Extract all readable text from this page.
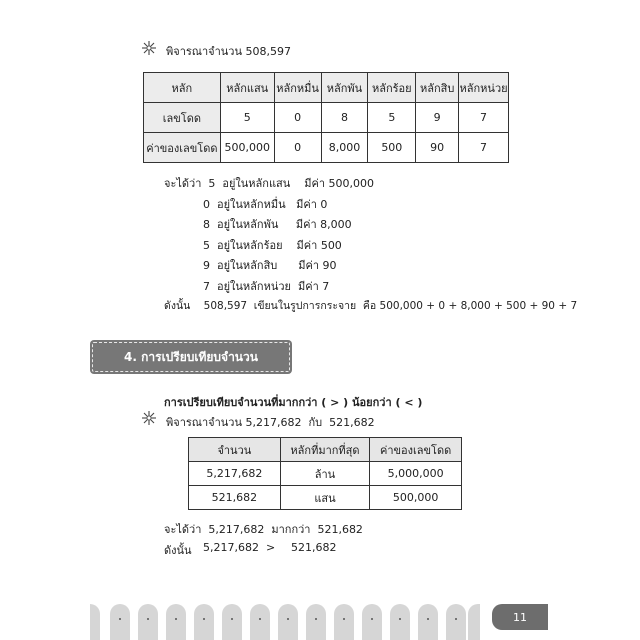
พิจารณาจำนวน 508,597
หลัก	หลักแสน	หลักหมื่น	หลักพัน	หลักร้อย	หลักสิบ	หลักหน่วย
เลขโดด	5	0	8	5	9	7
ค่าของเลขโดด	500,000	0	8,000	500	90	7
จะได้ว่า  5  อยู่ในหลักแสน    มีค่า 500,000
0  อยู่ในหลักหมื่น   มีค่า 0
8  อยู่ในหลักพัน     มีค่า 8,000
5  อยู่ในหลักร้อย    มีค่า 500
9  อยู่ในหลักสิบ      มีค่า 90
7  อยู่ในหลักหน่วย  มีค่า 7
ดังนั้น    508,597  เขียนในรูปการกระจาย  คือ 500,000 + 0 + 8,000 + 500 + 90 + 7
4. การเปรียบเทียบจำนวน
การเปรียบเทียบจำนวนที่มากกว่า ( > ) น้อยกว่า ( < )
พิจารณาจำนวน 5,217,682  กับ  521,682
จำนวน	หลักที่มากที่สุด	ค่าของเลขโดด
5,217,682	ล้าน	5,000,000
521,682	แสน	500,000
จะได้ว่า  5,217,682  มากกว่า  521,682
ดังนั้น 5,217,682 > 521,682
11
